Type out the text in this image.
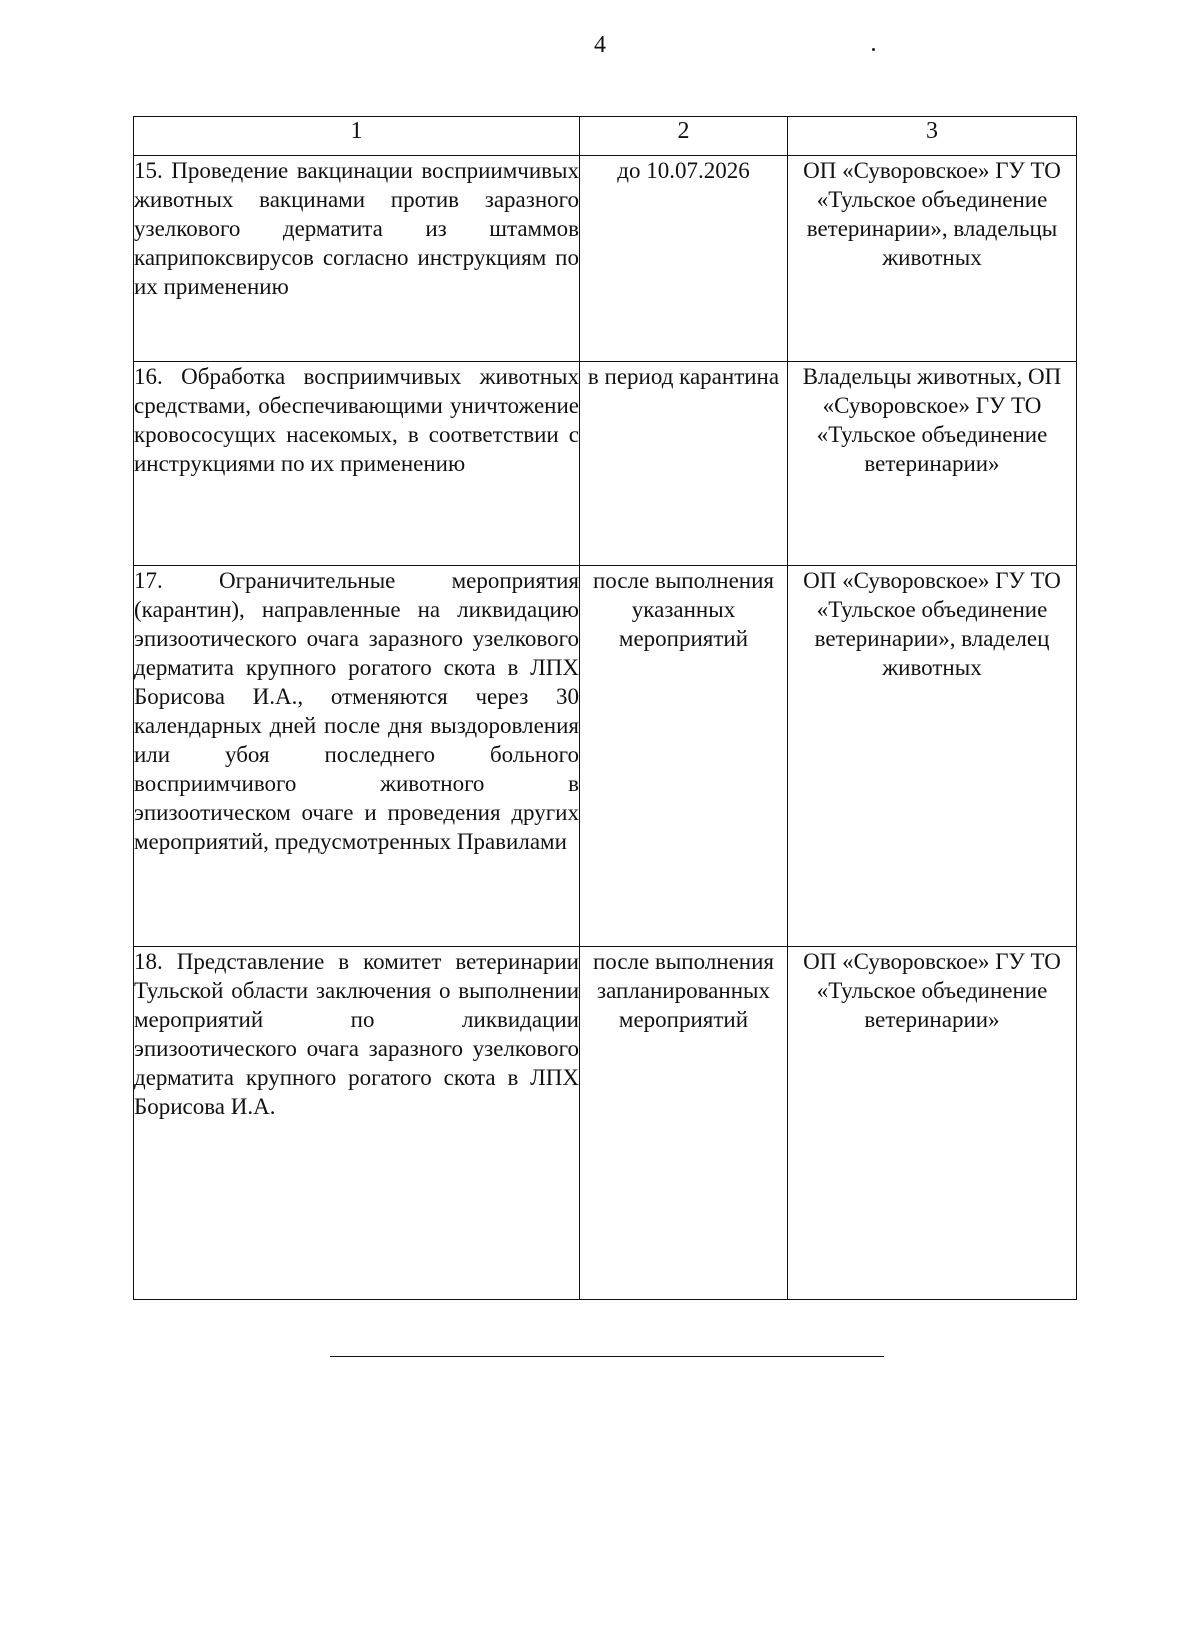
4
1	2	3
15. Проведение вакцинации восприимчивых животных вакцинами против заразного узелкового дерматита из штаммов каприпоксвирусов согласно инструкциям по их применению	до 10.07.2026	ОП «Суворовское» ГУ ТО «Тульское объединение ветеринарии», владельцы животных
16. Обработка восприимчивых животных средствами, обеспечивающими уничтожение кровососущих насекомых, в соответствии с инструкциями по их применению	в период карантина	Владельцы животных, ОП «Суворовское» ГУ ТО «Тульское объединение ветеринарии»
17. Ограничительные мероприятия (карантин), направленные на ликвидацию эпизоотического очага заразного узелкового дерматита крупного рогатого скота в ЛПХ Борисова И.А., отменяются через 30 календарных дней после дня выздоровления или убоя последнего больного восприимчивого животного в эпизоотическом очаге и проведения других мероприятий, предусмотренных Правилами	после выполнения указанных мероприятий	ОП «Суворовское» ГУ ТО «Тульское объединение ветеринарии», владелец животных
18. Представление в комитет ветеринарии Тульской области заключения о выполнении мероприятий по ликвидации эпизоотического очага заразного узелкового дерматита крупного рогатого скота в ЛПХ Борисова И.А.	после выполнения запланированных мероприятий	ОП «Суворовское» ГУ ТО «Тульское объединение ветеринарии»
